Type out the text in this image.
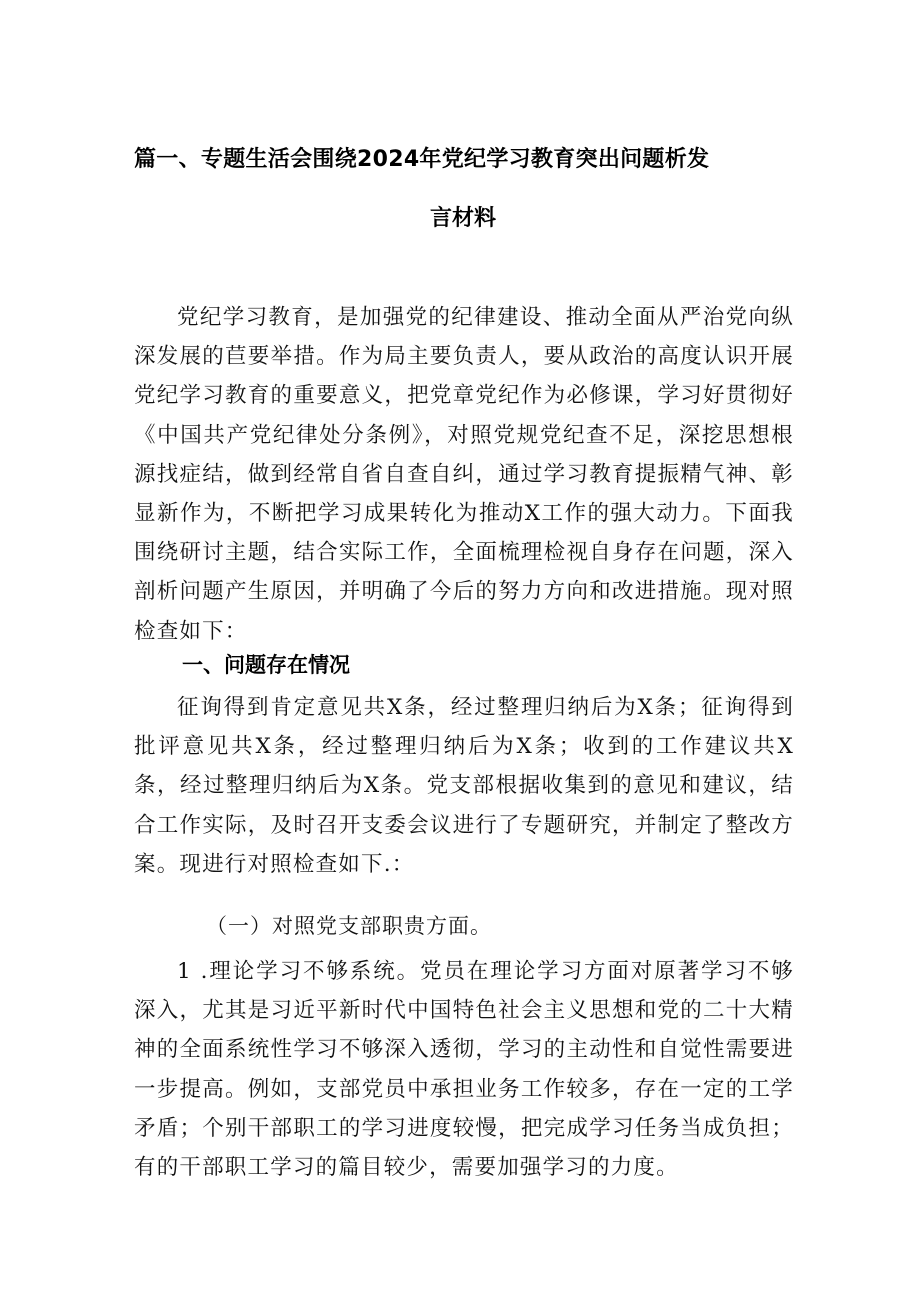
篇一、专题生活会围绕2024年党纪学习教育突出问题析发
言材料

党纪学习教育，是加强党的纪律建设、推动全面从严治党向纵深发展的苣要举措。作为局主要负责人，要从政治的高度认识开展党纪学习教育的重要意义，把党章党纪作为必修课，学习好贯彻好《中国共产党纪律处分条例》，对照党规党纪查不足，深挖思想根源找症结，做到经常自省自查自纠，通过学习教育提振精气神、彰显新作为，不断把学习成果转化为推动X工作的强大动力。下面我围绕研讨主题，结合实际工作，全面梳理检视自身存在问题，深入剖析问题产生原因，并明确了今后的努力方向和改进措施。现对照检查如下：

一、问题存在情况

征询得到肯定意见共X条，经过整理归纳后为X条；征询得到批评意见共X条，经过整理归纳后为X条；收到的工作建议共X条，经过整理归纳后为X条。党支部根据收集到的意见和建议，结合工作实际，及时召开支委会议进行了专题研究，并制定了整改方案。现进行对照检查如下.：

（一）对照党支部职贵方面。

1 .理论学习不够系统。党员在理论学习方面对原著学习不够深入，尤其是习近平新时代中国特色社会主义思想和党的二十大精神的全面系统性学习不够深入透彻，学习的主动性和自觉性需要进一步提高。例如，支部党员中承担业务工作较多，存在一定的工学矛盾；个别干部职工的学习进度较慢，把完成学习任务当成负担；有的干部职工学习的篇目较少，需要加强学习的力度。
